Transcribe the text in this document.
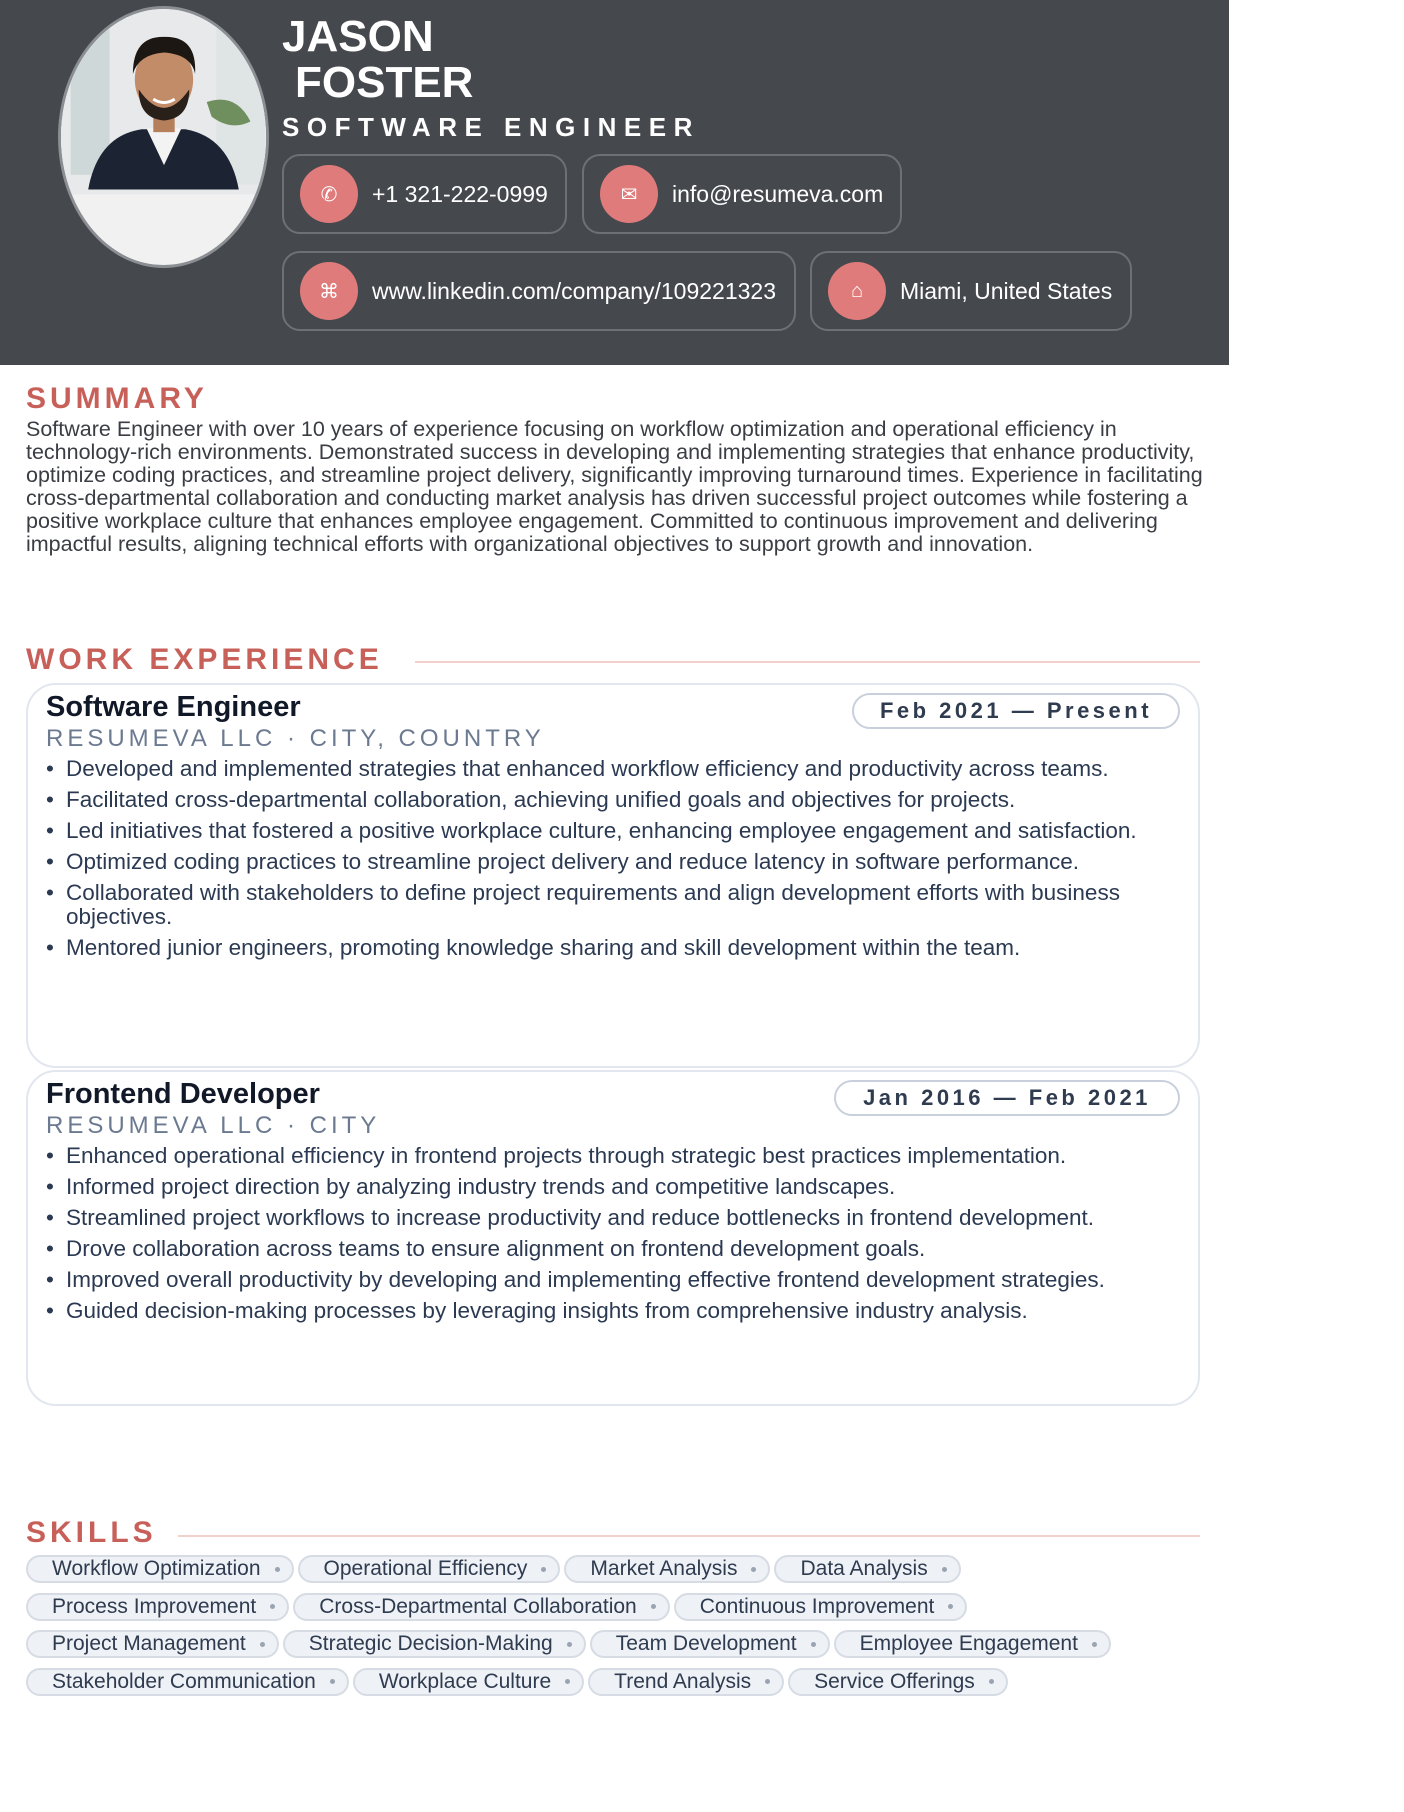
JASON
FOSTER
SOFTWARE ENGINEER
✆	+1 321-222-0999	✉	info@resumeva.com
⌘	www.linkedin.com/company/109221323	⌂	Miami, United States
SUMMARY

Software Engineer with over 10 years of experience focusing on workflow optimization and operational efficiency in technology-rich environments. Demonstrated success in developing and implementing strategies that enhance productivity, optimize coding practices, and streamline project delivery, significantly improving turnaround times. Experience in facilitating cross-departmental collaboration and conducting market analysis has driven successful project outcomes while fostering a positive workplace culture that enhances employee engagement. Committed to continuous improvement and delivering impactful results, aligning technical efforts with organizational objectives to support growth and innovation.

WORK EXPERIENCE
Software Engineer
RESUMEVA LLC · CITY, COUNTRY
Feb 2021 — Present
• Developed and implemented strategies that enhanced workflow efficiency and productivity across teams.
• Facilitated cross-departmental collaboration, achieving unified goals and objectives for projects.
• Led initiatives that fostered a positive workplace culture, enhancing employee engagement and satisfaction.
• Optimized coding practices to streamline project delivery and reduce latency in software performance.
• Collaborated with stakeholders to define project requirements and align development efforts with business objectives.
• Mentored junior engineers, promoting knowledge sharing and skill development within the team.
Frontend Developer
RESUMEVA LLC · CITY
Jan 2016 — Feb 2021
• Enhanced operational efficiency in frontend projects through strategic best practices implementation.
• Informed project direction by analyzing industry trends and competitive landscapes.
• Streamlined project workflows to increase productivity and reduce bottlenecks in frontend development.
• Drove collaboration across teams to ensure alignment on frontend development goals.
• Improved overall productivity by developing and implementing effective frontend development strategies.
• Guided decision-making processes by leveraging insights from comprehensive industry analysis.
SKILLS
Workflow Optimization	Operational Efficiency	Market Analysis	Data Analysis
Process Improvement	Cross-Departmental Collaboration	Continuous Improvement
Project Management	Strategic Decision-Making	Team Development	Employee Engagement
Stakeholder Communication	Workplace Culture	Trend Analysis	Service Offerings
